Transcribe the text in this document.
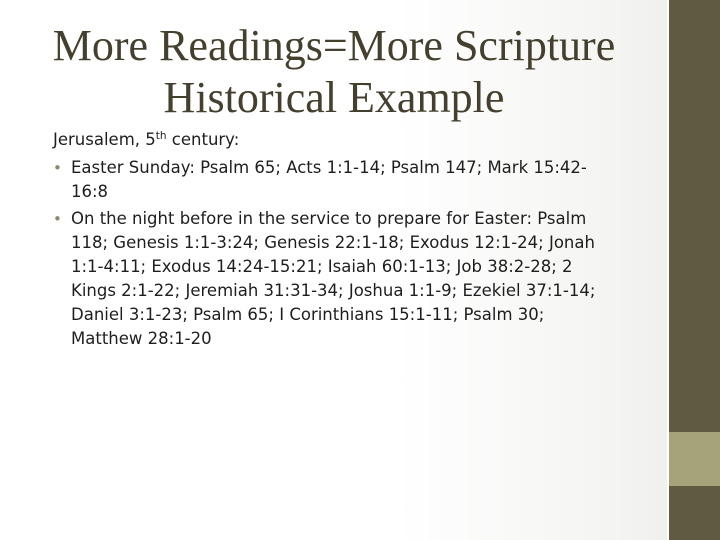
More Readings=More Scripture
Historical Example

Jerusalem, 5th century:

• Easter Sunday: Psalm 65; Acts 1:1-14; Psalm 147; Mark 15:42-
16:8
• On the night before in the service to prepare for Easter: Psalm
118; Genesis 1:1-3:24; Genesis 22:1-18; Exodus 12:1-24; Jonah
1:1-4:11; Exodus 14:24-15:21; Isaiah 60:1-13; Job 38:2-28; 2
Kings 2:1-22; Jeremiah 31:31-34; Joshua 1:1-9; Ezekiel 37:1-14;
Daniel 3:1-23; Psalm 65; I Corinthians 15:1-11; Psalm 30;
Matthew 28:1-20
